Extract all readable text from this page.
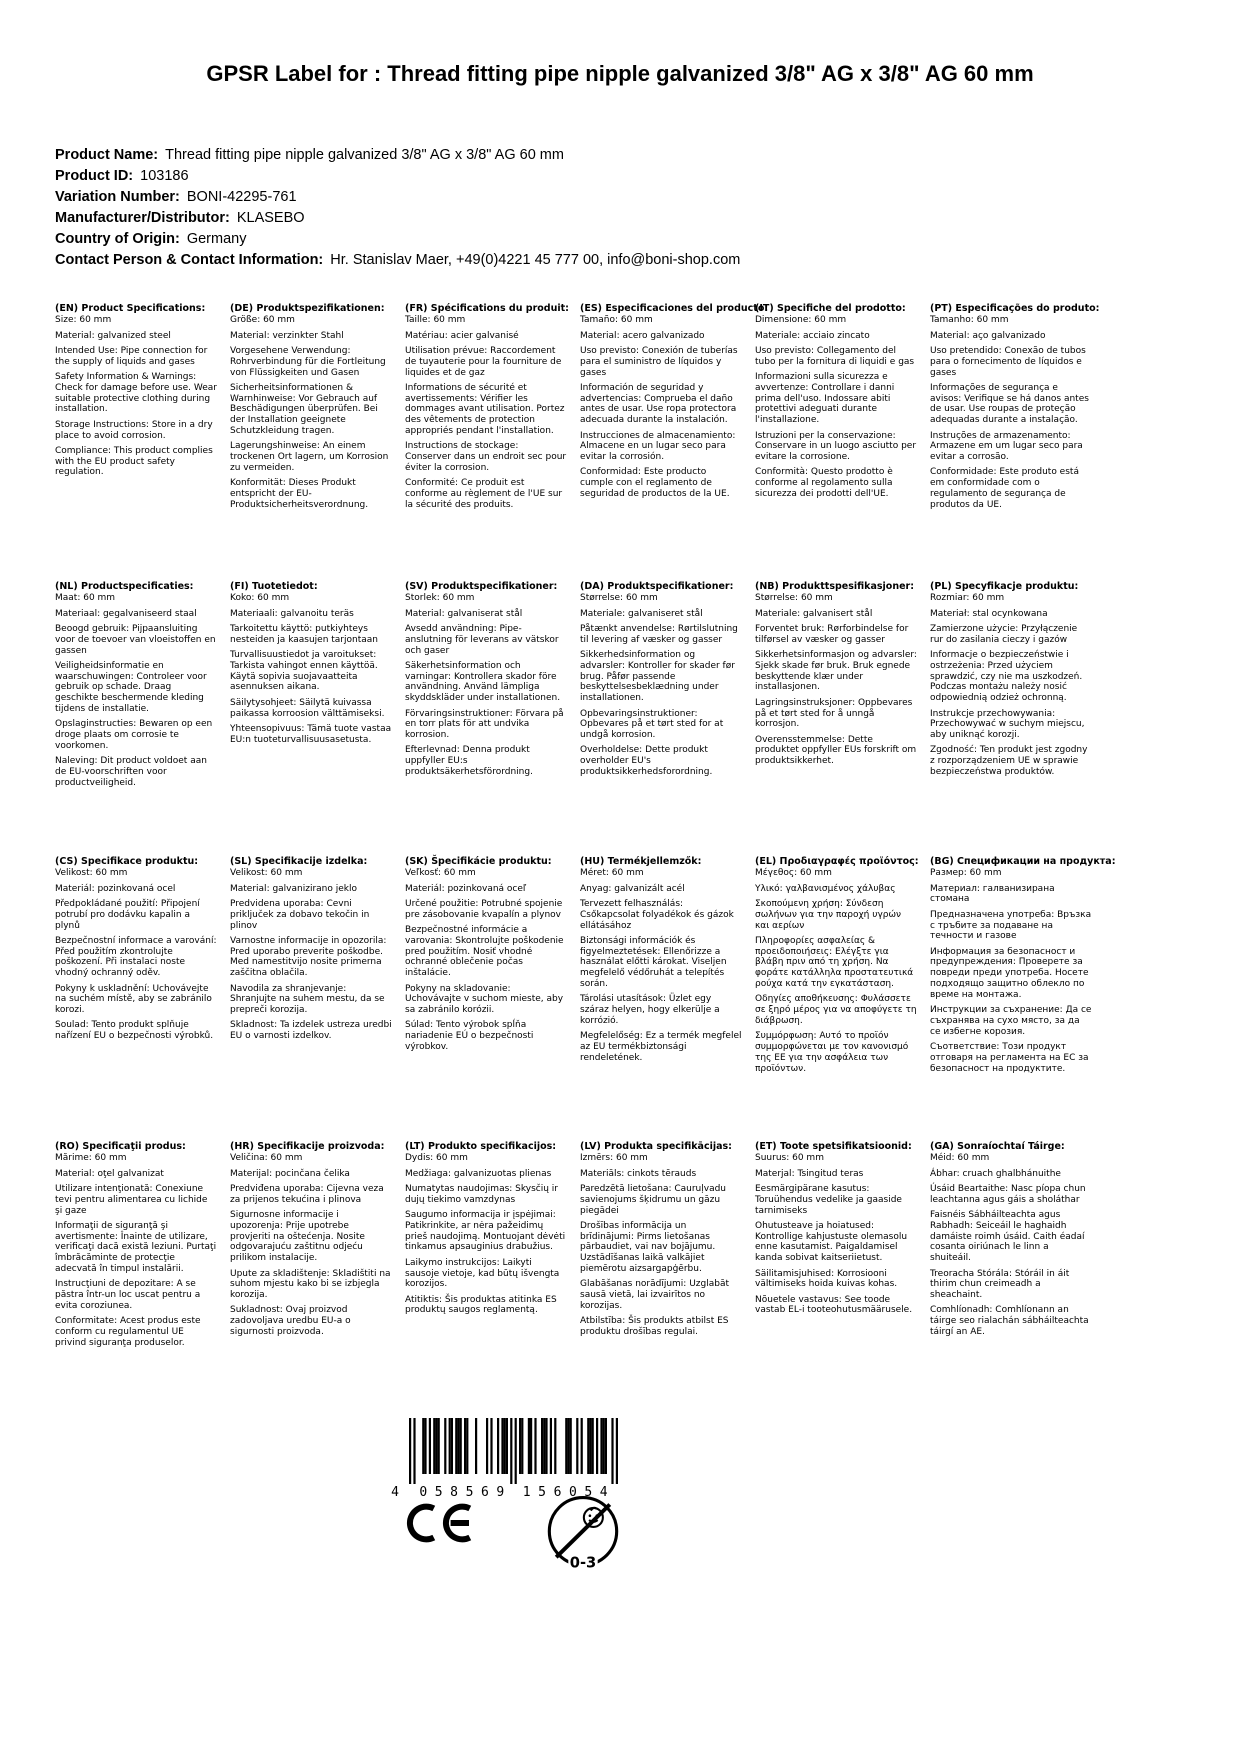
GPSR Label for : Thread fitting pipe nipple galvanized 3/8" AG x 3/8" AG 60 mm
Product Name: Thread fitting pipe nipple galvanized 3/8" AG x 3/8" AG 60 mm
Product ID: 103186
Variation Number: BONI-42295-761
Manufacturer/Distributor: KLASEBO
Country of Origin: Germany
Contact Person & Contact Information: Hr. Stanislav Maer, +49(0)4221 45 777 00, info@boni-shop.com
(EN) Product Specifications:

Size: 60 mm

Material: galvanized steel

Intended Use: Pipe connection for the supply of liquids and gases

Safety Information & Warnings: Check for damage before use. Wear suitable protective clothing during installation.

Storage Instructions: Store in a dry place to avoid corrosion.

Compliance: This product complies with the EU product safety regulation.

(DE) Produktspezifikationen:

Größe: 60 mm

Material: verzinkter Stahl

Vorgesehene Verwendung: Rohrverbindung für die Fortleitung von Flüssigkeiten und Gasen

Sicherheitsinformationen & Warnhinweise: Vor Gebrauch auf Beschädigungen überprüfen. Bei der Installation geeignete Schutzkleidung tragen.

Lagerungshinweise: An einem trockenen Ort lagern, um Korrosion zu vermeiden.

Konformität: Dieses Produkt entspricht der EU-Produktsicherheitsverordnung.

(FR) Spécifications du produit:

Taille: 60 mm

Matériau: acier galvanisé

Utilisation prévue: Raccordement de tuyauterie pour la fourniture de liquides et de gaz

Informations de sécurité et avertissements: Vérifier les dommages avant utilisation. Portez des vêtements de protection appropriés pendant l'installation.

Instructions de stockage: Conserver dans un endroit sec pour éviter la corrosion.

Conformité: Ce produit est conforme au règlement de l'UE sur la sécurité des produits.

(ES) Especificaciones del producto:

Tamaño: 60 mm

Material: acero galvanizado

Uso previsto: Conexión de tuberías para el suministro de líquidos y gases

Información de seguridad y advertencias: Comprueba el daño antes de usar. Use ropa protectora adecuada durante la instalación.

Instrucciones de almacenamiento: Almacene en un lugar seco para evitar la corrosión.

Conformidad: Este producto cumple con el reglamento de seguridad de productos de la UE.

(IT) Specifiche del prodotto:

Dimensione: 60 mm

Materiale: acciaio zincato

Uso previsto: Collegamento del tubo per la fornitura di liquidi e gas

Informazioni sulla sicurezza e avvertenze: Controllare i danni prima dell'uso. Indossare abiti protettivi adeguati durante l'installazione.

Istruzioni per la conservazione: Conservare in un luogo asciutto per evitare la corrosione.

Conformità: Questo prodotto è conforme al regolamento sulla sicurezza dei prodotti dell'UE.

(PT) Especificações do produto:

Tamanho: 60 mm

Material: aço galvanizado

Uso pretendido: Conexão de tubos para o fornecimento de líquidos e gases

Informações de segurança e avisos: Verifique se há danos antes de usar. Use roupas de proteção adequadas durante a instalação.

Instruções de armazenamento: Armazene em um lugar seco para evitar a corrosão.

Conformidade: Este produto está em conformidade com o regulamento de segurança de produtos da UE.

(NL) Productspecificaties:

Maat: 60 mm

Materiaal: gegalvaniseerd staal

Beoogd gebruik: Pijpaansluiting voor de toevoer van vloeistoffen en gassen

Veiligheidsinformatie en waarschuwingen: Controleer voor gebruik op schade. Draag geschikte beschermende kleding tijdens de installatie.

Opslaginstructies: Bewaren op een droge plaats om corrosie te voorkomen.

Naleving: Dit product voldoet aan de EU-voorschriften voor productveiligheid.

(FI) Tuotetiedot:

Koko: 60 mm

Materiaali: galvanoitu teräs

Tarkoitettu käyttö: putkiyhteys nesteiden ja kaasujen tarjontaan

Turvallisuustiedot ja varoitukset: Tarkista vahingot ennen käyttöä. Käytä sopivia suojavaatteita asennuksen aikana.

Säilytysohjeet: Säilytä kuivassa paikassa korroosion välttämiseksi.

Yhteensopivuus: Tämä tuote vastaa EU:n tuoteturvallisuusasetusta.

(SV) Produktspecifikationer:

Storlek: 60 mm

Material: galvaniserat stål

Avsedd användning: Pipe-anslutning för leverans av vätskor och gaser

Säkerhetsinformation och varningar: Kontrollera skador före användning. Använd lämpliga skyddskläder under installationen.

Förvaringsinstruktioner: Förvara på en torr plats för att undvika korrosion.

Efterlevnad: Denna produkt uppfyller EU:s produktsäkerhetsförordning.

(DA) Produktspecifikationer:

Størrelse: 60 mm

Materiale: galvaniseret stål

Påtænkt anvendelse: Rørtilslutning til levering af væsker og gasser

Sikkerhedsinformation og advarsler: Kontroller for skader før brug. Påfør passende beskyttelsesbeklædning under installationen.

Opbevaringsinstruktioner: Opbevares på et tørt sted for at undgå korrosion.

Overholdelse: Dette produkt overholder EU's produktsikkerhedsforordning.

(NB) Produkttspesifikasjoner:

Størrelse: 60 mm

Materiale: galvanisert stål

Forventet bruk: Rørforbindelse for tilførsel av væsker og gasser

Sikkerhetsinformasjon og advarsler: Sjekk skade før bruk. Bruk egnede beskyttende klær under installasjonen.

Lagringsinstruksjoner: Oppbevares på et tørt sted for å unngå korrosjon.

Overensstemmelse: Dette produktet oppfyller EUs forskrift om produktsikkerhet.

(PL) Specyfikacje produktu:

Rozmiar: 60 mm

Materiał: stal ocynkowana

Zamierzone użycie: Przyłączenie rur do zasilania cieczy i gazów

Informacje o bezpieczeństwie i ostrzeżenia: Przed użyciem sprawdzić, czy nie ma uszkodzeń. Podczas montażu należy nosić odpowiednią odzież ochronną.

Instrukcje przechowywania: Przechowywać w suchym miejscu, aby uniknąć korozji.

Zgodność: Ten produkt jest zgodny z rozporządzeniem UE w sprawie bezpieczeństwa produktów.

(CS) Specifikace produktu:

Velikost: 60 mm

Materiál: pozinkovaná ocel

Předpokládané použití: Připojení potrubí pro dodávku kapalin a plynů

Bezpečnostní informace a varování: Před použitím zkontrolujte poškození. Při instalaci noste vhodný ochranný oděv.

Pokyny k uskladnění: Uchovávejte na suchém místě, aby se zabránilo korozi.

Soulad: Tento produkt splňuje nařízení EU o bezpečnosti výrobků.

(SL) Specifikacije izdelka:

Velikost: 60 mm

Material: galvanizirano jeklo

Predvidena uporaba: Cevni priključek za dobavo tekočin in plinov

Varnostne informacije in opozorila: Pred uporabo preverite poškodbe. Med namestitvijo nosite primerna zaščitna oblačila.

Navodila za shranjevanje: Shranjujte na suhem mestu, da se prepreči korozija.

Skladnost: Ta izdelek ustreza uredbi EU o varnosti izdelkov.

(SK) Špecifikácie produktu:

Veľkosť: 60 mm

Materiál: pozinkovaná oceľ

Určené použitie: Potrubné spojenie pre zásobovanie kvapalín a plynov

Bezpečnostné informácie a varovania: Skontrolujte poškodenie pred použitím. Nosiť vhodné ochranné oblečenie počas inštalácie.

Pokyny na skladovanie: Uchovávajte v suchom mieste, aby sa zabránilo korózii.

Súlad: Tento výrobok spĺňa nariadenie EÚ o bezpečnosti výrobkov.

(HU) Termékjellemzők:

Méret: 60 mm

Anyag: galvanizált acél

Tervezett felhasználás: Csőkapcsolat folyadékok és gázok ellátásához

Biztonsági információk és figyelmeztetések: Ellenőrizze a használat előtti károkat. Viseljen megfelelő védőruhát a telepítés során.

Tárolási utasítások: Üzlet egy száraz helyen, hogy elkerülje a korrózió.

Megfelelőség: Ez a termék megfelel az EU termékbiztonsági rendeletének.

(EL) Προδιαγραφές προϊόντος:

Μέγεθος: 60 mm

Υλικό: γαλβανισμένος χάλυβας

Σκοπούμενη χρήση: Σύνδεση σωλήνων για την παροχή υγρών και αερίων

Πληροφορίες ασφαλείας & προειδοποιήσεις: Ελέγξτε για βλάβη πριν από τη χρήση. Να φοράτε κατάλληλα προστατευτικά ρούχα κατά την εγκατάσταση.

Οδηγίες αποθήκευσης: Φυλάσσετε σε ξηρό μέρος για να αποφύγετε τη διάβρωση.

Συμμόρφωση: Αυτό το προϊόν συμμορφώνεται με τον κανονισμό της ΕΕ για την ασφάλεια των προϊόντων.

(BG) Спецификации на продукта:

Размер: 60 mm

Материал: галванизирана стомана

Предназначена употреба: Връзка с тръбите за подаване на течности и газове

Информация за безопасност и предупреждения: Проверете за повреди преди употреба. Носете подходящо защитно облекло по време на монтажа.

Инструкции за съхранение: Да се съхранява на сухо място, за да се избегне корозия.

Съответствие: Този продукт отговаря на регламента на ЕС за безопасност на продуктите.

(RO) Specificaţii produs:

Mărime: 60 mm

Material: oţel galvanizat

Utilizare intenţionată: Conexiune tevi pentru alimentarea cu lichide şi gaze

Informaţii de siguranţă şi avertismente: Înainte de utilizare, verificaţi dacă există leziuni. Purtaţi îmbrăcăminte de protecţie adecvată în timpul instalării.

Instrucţiuni de depozitare: A se păstra într-un loc uscat pentru a evita coroziunea.

Conformitate: Acest produs este conform cu regulamentul UE privind siguranţa produselor.

(HR) Specifikacije proizvoda:

Veličina: 60 mm

Materijal: pocinčana čelika

Predviđena uporaba: Cijevna veza za prijenos tekućina i plinova

Sigurnosne informacije i upozorenja: Prije upotrebe provjeriti na oštećenja. Nosite odgovarajuću zaštitnu odjeću prilikom instalacije.

Upute za skladištenje: Skladištiti na suhom mjestu kako bi se izbjegla korozija.

Sukladnost: Ovaj proizvod zadovoljava uredbu EU-a o sigurnosti proizvoda.

(LT) Produkto specifikacijos:

Dydis: 60 mm

Medžiaga: galvanizuotas plienas

Numatytas naudojimas: Skysčių ir dujų tiekimo vamzdynas

Saugumo informacija ir įspėjimai: Patikrinkite, ar nėra pažeidimų prieš naudojimą. Montuojant dėvėti tinkamus apsauginius drabužius.

Laikymo instrukcijos: Laikyti sausoje vietoje, kad būtų išvengta korozijos.

Atitiktis: Šis produktas atitinka ES produktų saugos reglamentą.

(LV) Produkta specifikācijas:

Izmērs: 60 mm

Materiāls: cinkots tērauds

Paredzētā lietošana: Cauruļvadu savienojums šķidrumu un gāzu piegādei

Drošības informācija un brīdinājumi: Pirms lietošanas pārbaudiet, vai nav bojājumu. Uzstādīšanas laikā valkājiet piemērotu aizsargapģērbu.

Glabāšanas norādījumi: Uzglabāt sausā vietā, lai izvairītos no korozijas.

Atbilstība: Šis produkts atbilst ES produktu drošības regulai.

(ET) Toote spetsifikatsioonid:

Suurus: 60 mm

Materjal: Tsingitud teras

Eesmärgipärane kasutus: Toruühendus vedelike ja gaaside tarnimiseks

Ohutusteave ja hoiatused: Kontrollige kahjustuste olemasolu enne kasutamist. Paigaldamisel kanda sobivat kaitseriietust.

Säilitamisjuhised: Korrosiooni vältimiseks hoida kuivas kohas.

Nõuetele vastavus: See toode vastab EL-i tooteohutusmäärusele.

(GA) Sonraíochtaí Táirge:

Méid: 60 mm

Ábhar: cruach ghalbhánuithe

Úsáid Beartaithe: Nasc píopa chun leachtanna agus gáis a sholáthar

Faisnéis Sábháilteachta agus Rabhadh: Seiceáil le haghaidh damáiste roimh úsáid. Caith éadaí cosanta oiriúnach le linn a shuiteáil.

Treoracha Stórála: Stóráil in áit thirim chun creimeadh a sheachaint.

Comhlíonadh: Comhlíonann an táirge seo rialachán sábháilteachta táirgí an AE.

4 0 5 8 5 6 9 1 5 6 0 5 4
0-3
